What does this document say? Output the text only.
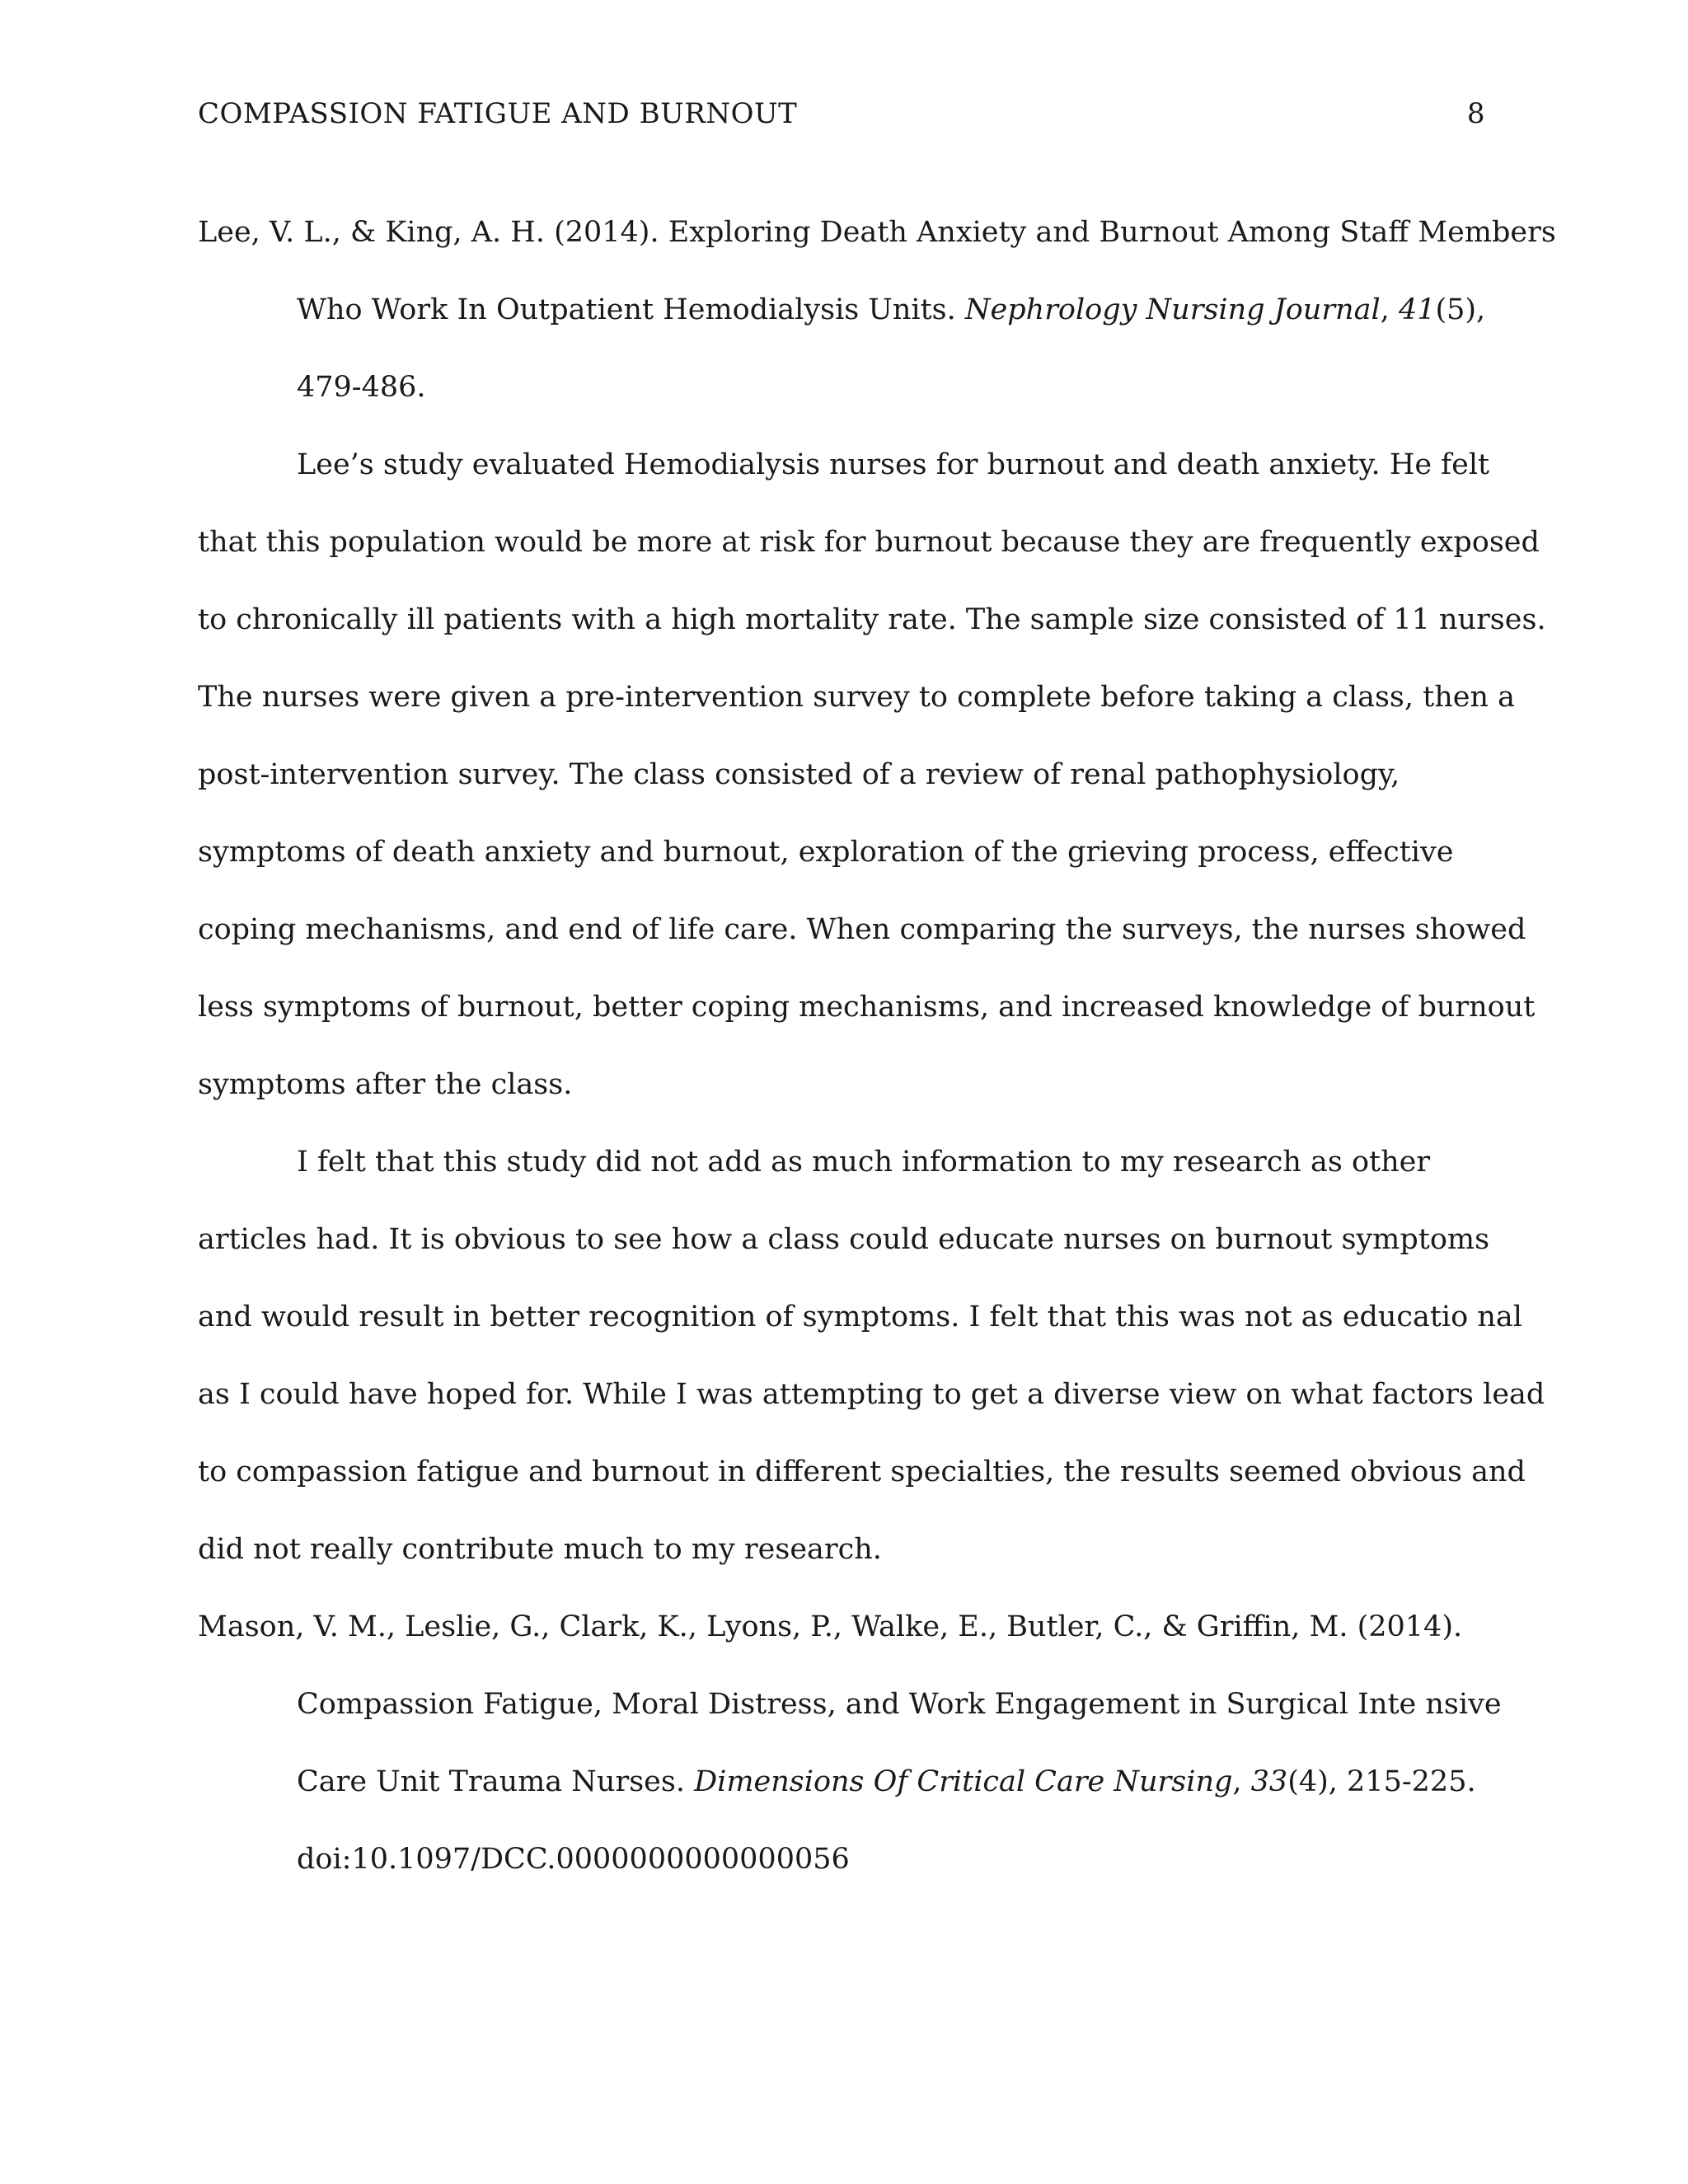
COMPASSION FATIGUE AND BURNOUT	8
Lee, V. L., & King, A. H. (2014). Exploring Death Anxiety and Burnout Among Staff Members
Who Work In Outpatient Hemodialysis Units. Nephrology Nursing Journal, 41(5),
479-486.
Lee’s study evaluated Hemodialysis nurses for burnout and death anxiety. He felt
that this population would be more at risk for burnout because they are frequently exposed
to chronically ill patients with a high mortality rate. The sample size consisted of 11 nurses.
The nurses were given a pre-intervention survey to complete before taking a class, then a
post-intervention survey. The class consisted of a review of renal pathophysiology,
symptoms of death anxiety and burnout, exploration of the grieving process, effective
coping mechanisms, and end of life care. When comparing the surveys, the nurses showed
less symptoms of burnout, better coping mechanisms, and increased knowledge of burnout
symptoms after the class.
I felt that this study did not add as much information to my research as other
articles had. It is obvious to see how a class could educate nurses on burnout symptoms
and would result in better recognition of symptoms. I felt that this was not as educatio nal
as I could have hoped for. While I was attempting to get a diverse view on what factors lead
to compassion fatigue and burnout in different specialties, the results seemed obvious and
did not really contribute much to my research.
Mason, V. M., Leslie, G., Clark, K., Lyons, P., Walke, E., Butler, C., & Griffin, M. (2014).
Compassion Fatigue, Moral Distress, and Work Engagement in Surgical Inte nsive
Care Unit Trauma Nurses. Dimensions Of Critical Care Nursing, 33(4), 215-225.
doi:10.1097/DCC.0000000000000056
